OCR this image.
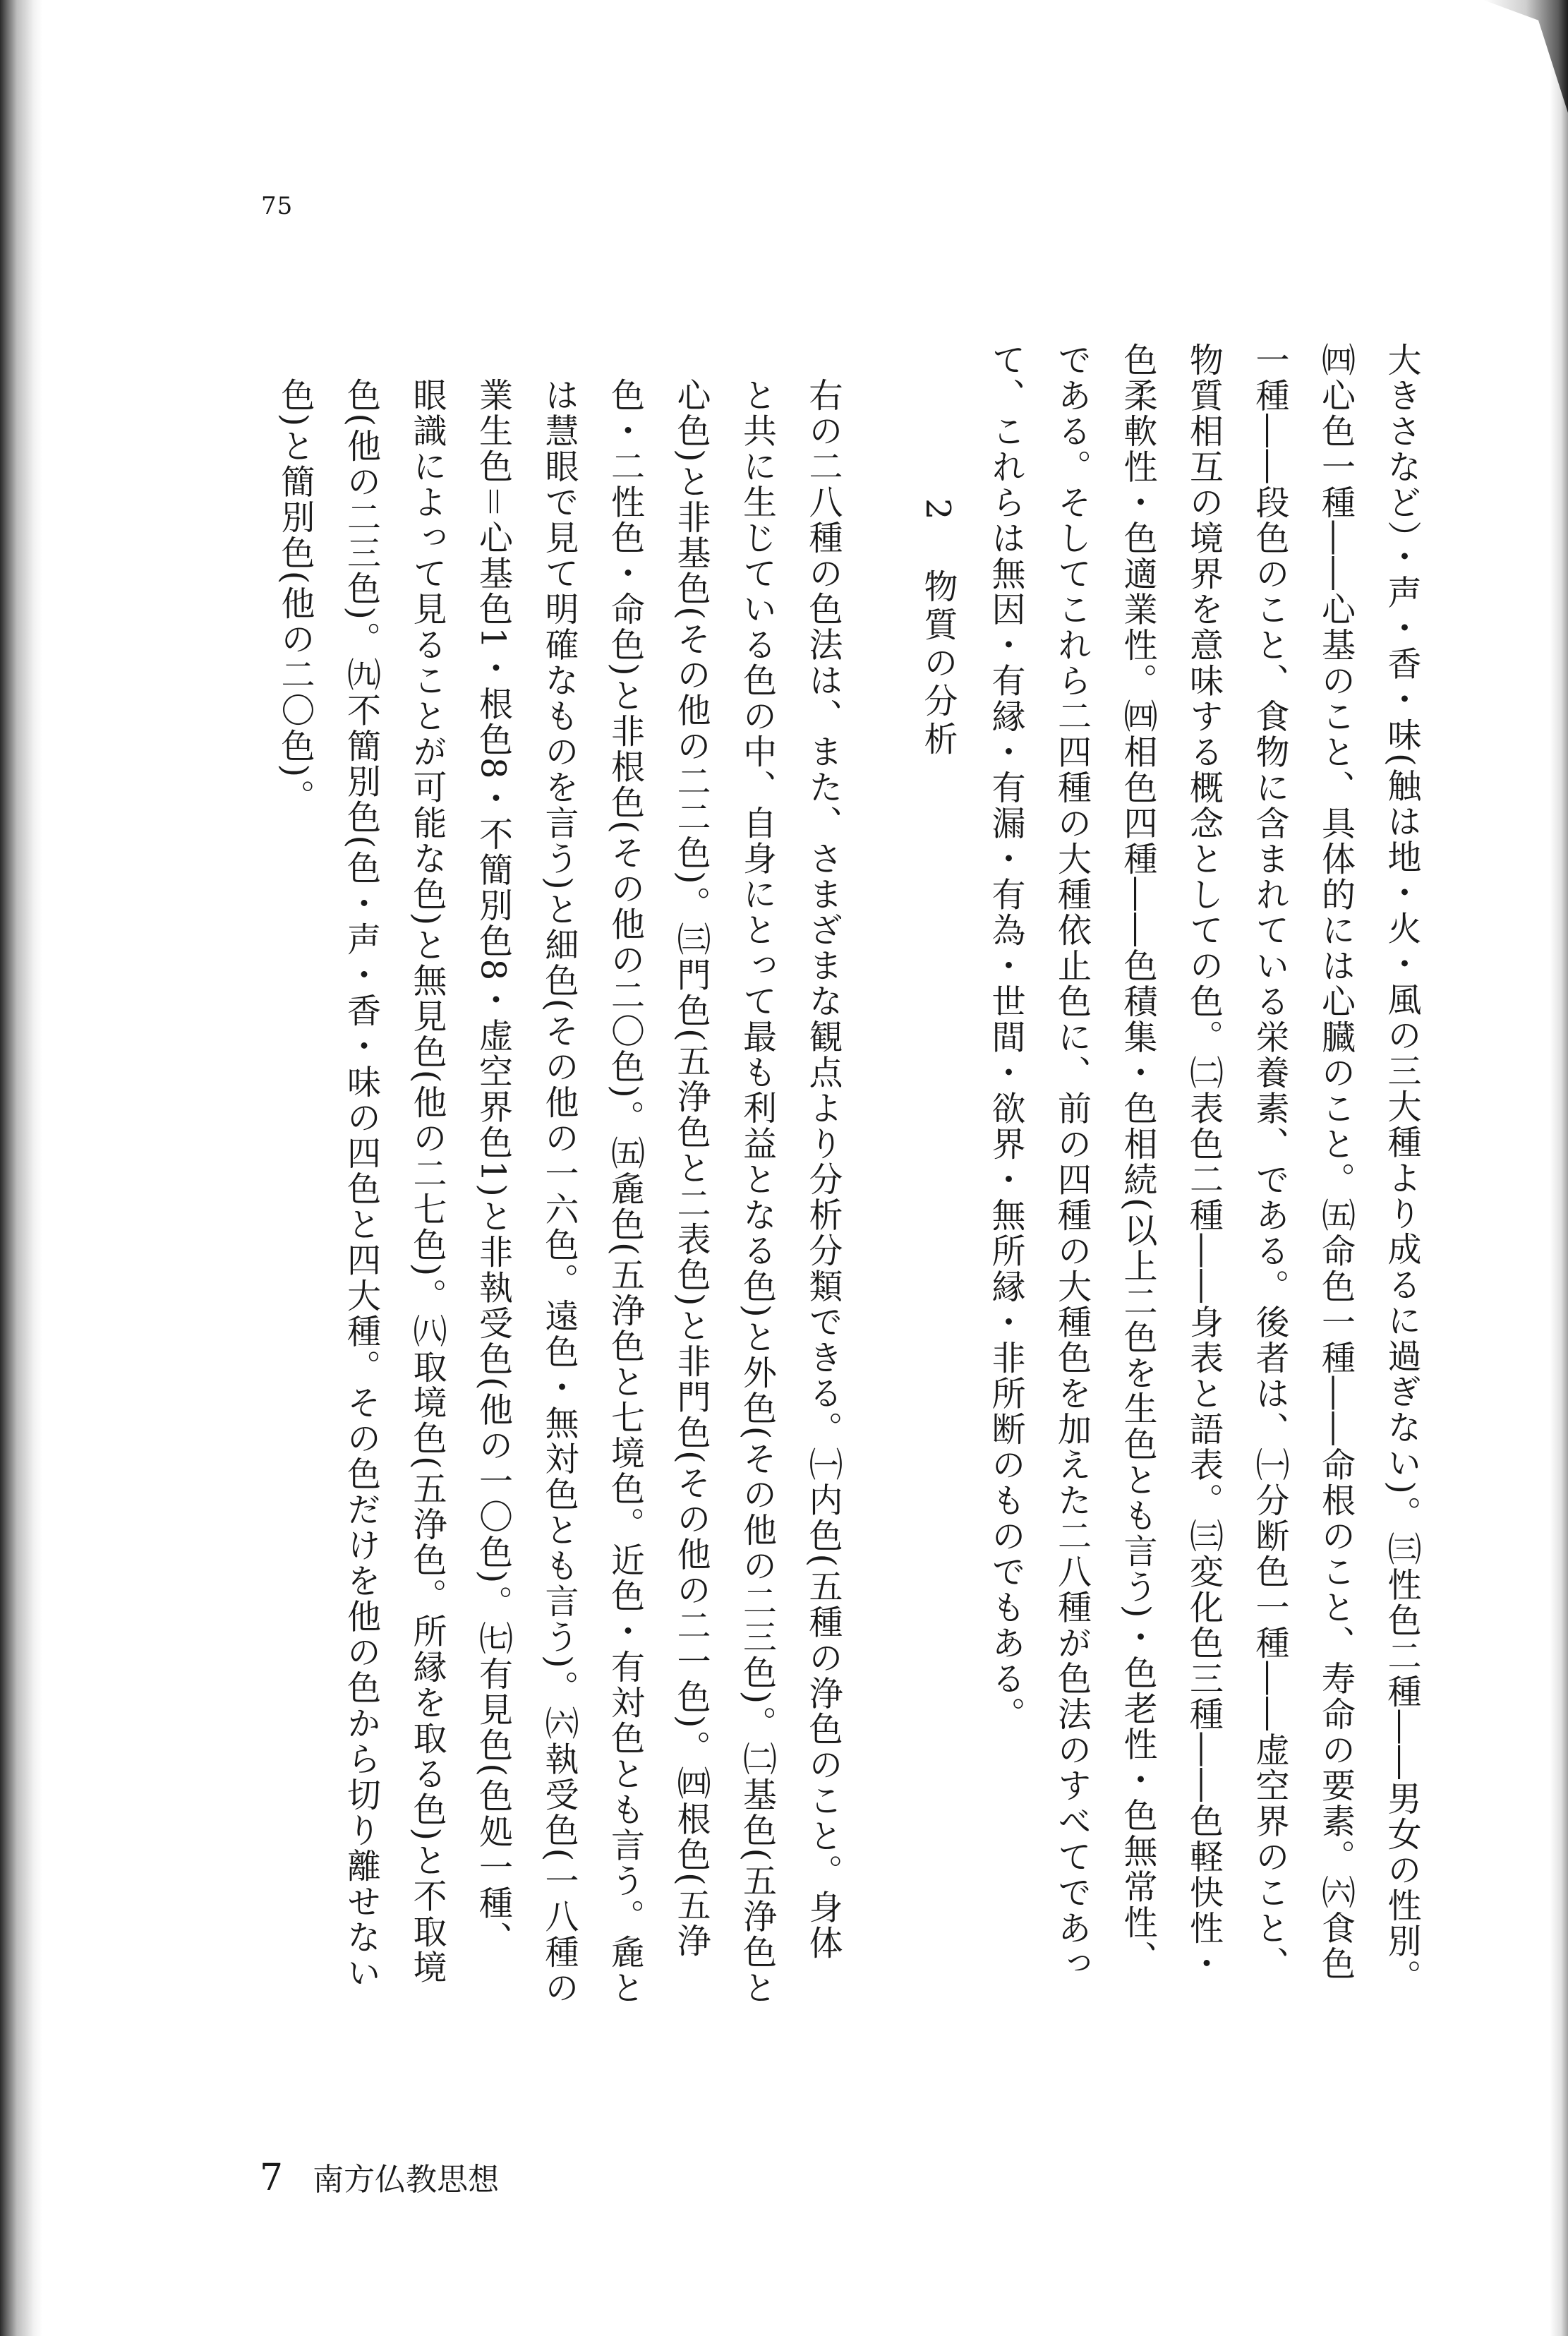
75
大きさなど）・声・香・味(触は地・火・風の三大種より成るに過ぎない)。㈢性色二種――男女の性別。
㈣心色一種――心基のこと、具体的には心臓のこと。㈤命色一種――命根のこと、寿命の要素。㈥食色
一種――段色のこと、食物に含まれている栄養素、である。後者は、㈠分断色一種――虚空界のこと、
物質相互の境界を意味する概念としての色。㈡表色二種――身表と語表。㈢変化色三種――色軽快性・
色柔軟性・色適業性。㈣相色四種――色積集・色相続(以上二色を生色とも言う)・色老性・色無常性、
である。そしてこれら二四種の大種依止色に、前の四種の大種色を加えた二八種が色法のすべてであっ
て、これらは無因・有縁・有漏・有為・世間・欲界・無所縁・非所断のものでもある。
2 物質の分析
右の二八種の色法は、また、さまざまな観点より分析分類できる。㈠内色(五種の浄色のこと。身体
と共に生じている色の中、自身にとって最も利益となる色)と外色(その他の二三色)。㈡基色(五浄色と
心色)と非基色(その他の二二色)。㈢門色(五浄色と二表色)と非門色(その他の二一色)。㈣根色(五浄
色・二性色・命色)と非根色(その他の二〇色)。㈤麁色(五浄色と七境色。近色・有対色とも言う。麁と
は慧眼で見て明確なものを言う)と細色(その他の一六色。遠色・無対色とも言う)。㈥執受色(一八種の
業生色＝心基色1・根色8・不簡別色8・虚空界色1)と非執受色(他の一〇色)。㈦有見色(色処一種、
眼識によって見ることが可能な色)と無見色(他の二七色)。㈧取境色(五浄色。所縁を取る色)と不取境
色(他の二三色)。㈨不簡別色(色・声・香・味の四色と四大種。その色だけを他の色から切り離せない
色)と簡別色(他の二〇色)。
7 南方仏教思想
